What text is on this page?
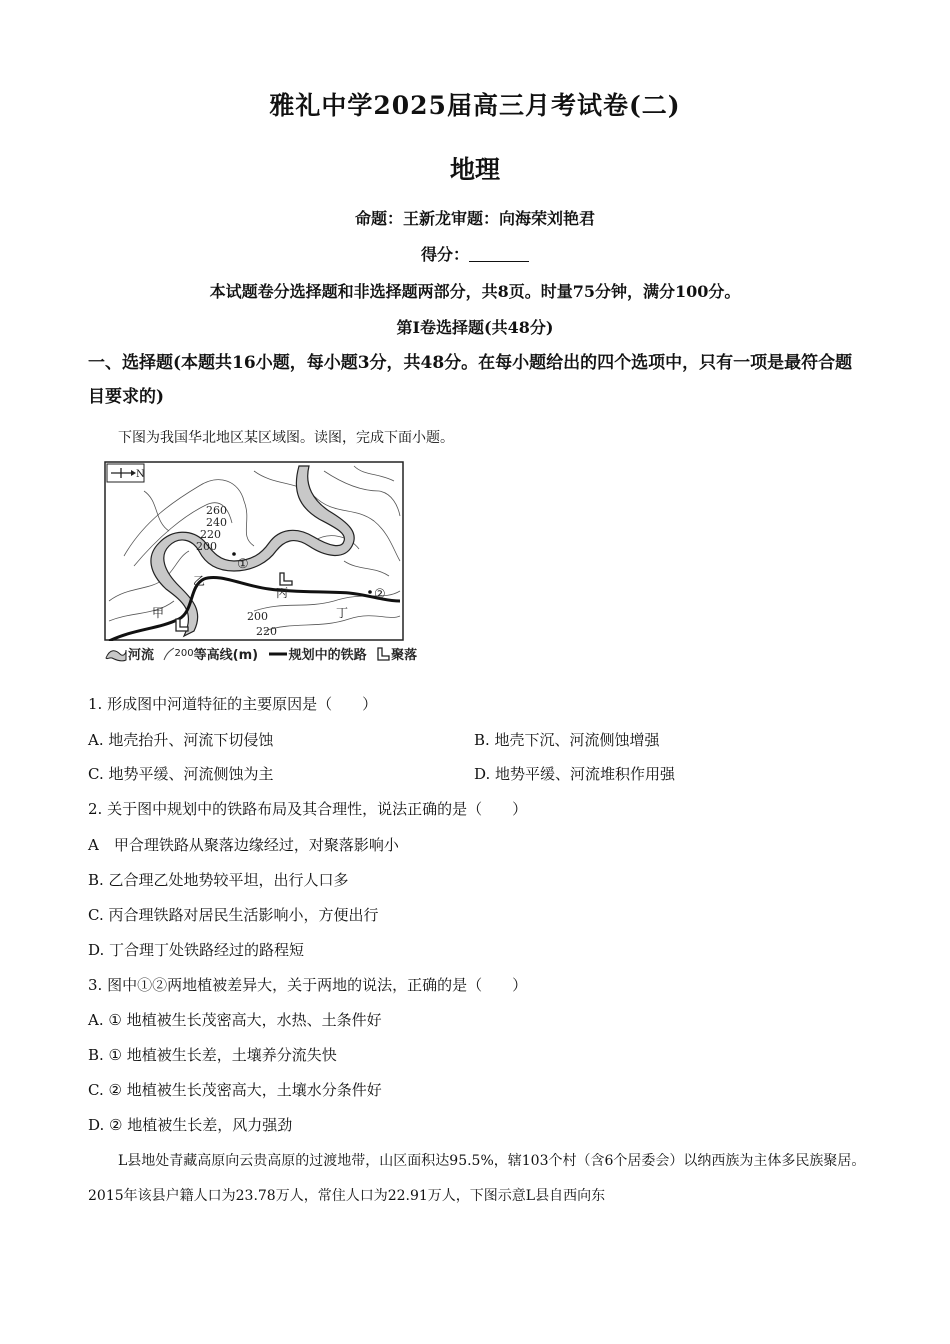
雅礼中学2025届高三月考试卷(二)
地理
命题：王新龙审题：向海荣刘艳君
得分：
本试题卷分选择题和非选择题两部分，共8页。时量75分钟，满分100分。
第Ⅰ卷选择题(共48分)
一、选择题(本题共16小题，每小题3分，共48分。在每小题给出的四个选项中，只有一项是最符合题目要求的)
下图为我国华北地区某区域图。读图，完成下面小题。
N
260
240
220
200
200
220
乙
甲
丙
丁
①
②
河流 200等高线(m) 规划中的铁路 聚落
1. 形成图中河道特征的主要原因是（　　）
A. 地壳抬升、河流下切侵蚀	B. 地壳下沉、河流侧蚀增强
C. 地势平缓、河流侧蚀为主	D. 地势平缓、河流堆积作用强
2. 关于图中规划中的铁路布局及其合理性，说法正确的是（　　）
A　甲合理铁路从聚落边缘经过，对聚落影响小
B. 乙合理乙处地势较平坦，出行人口多
C. 丙合理铁路对居民生活影响小，方便出行
D. 丁合理丁处铁路经过的路程短
3. 图中①②两地植被差异大，关于两地的说法，正确的是（　　）
A. ① 地植被生长茂密高大，水热、土条件好
B. ① 地植被生长差，土壤养分流失快
C. ② 地植被生长茂密高大，土壤水分条件好
D. ② 地植被生长差，风力强劲
L县地处青藏高原向云贵高原的过渡地带，山区面积达95.5%，辖103个村（含6个居委会）以纳西族为主体多民族聚居。2015年该县户籍人口为23.78万人，常住人口为22.91万人，下图示意L县自西向东
